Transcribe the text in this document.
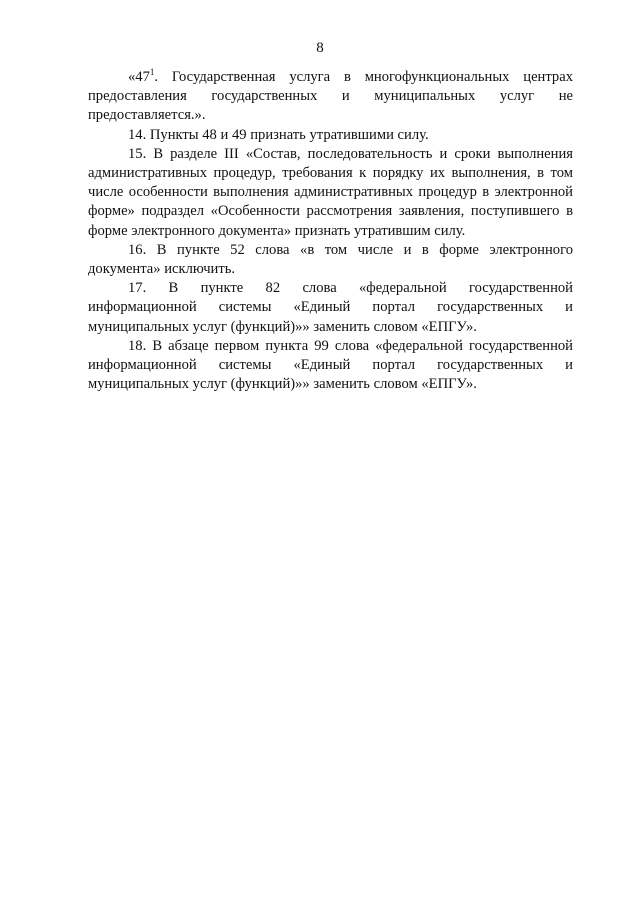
8

«$47^1$. Государственная услуга в многофункциональных центрах предоставления государственных и муниципальных услуг не предоставляется.».

14. Пункты 48 и 49 признать утратившими силу.

15. В разделе III «Состав, последовательность и сроки выполнения административных процедур, требования к порядку их выполнения, в том числе особенности выполнения административных процедур в электронной форме» подраздел «Особенности рассмотрения заявления, поступившего в форме электронного документа» признать утратившим силу.

16. В пункте 52 слова «в том числе и в форме электронного документа» исключить.

17. В пункте 82 слова «федеральной государственной информационной системы «Единый портал государственных и муниципальных услуг (функций)»» заменить словом «ЕПГУ».

18. В абзаце первом пункта 99 слова «федеральной государственной информационной системы «Единый портал государственных и муниципальных услуг (функций)»» заменить словом «ЕПГУ».
